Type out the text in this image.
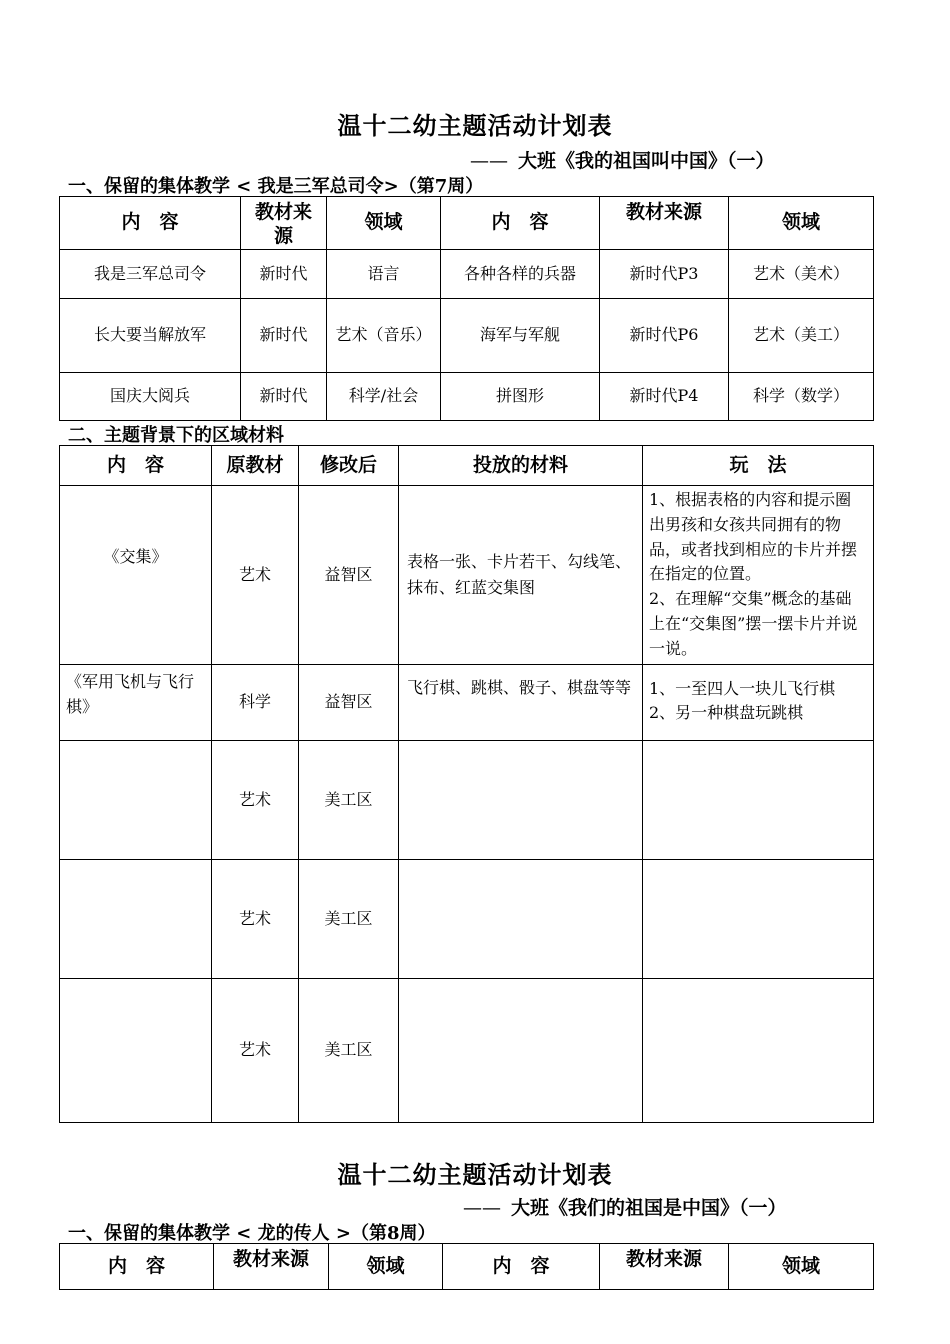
温十二幼主题活动计划表
—— 大班《我的祖国叫中国》（一）
一、保留的集体教学 < 我是三军总司令>（第7周）
内　容	教材来源	领域	内　容	教材来源	领域
我是三军总司令	新时代	语言	各种各样的兵器	新时代P3	艺术（美术）
长大要当解放军	新时代	艺术（音乐）	海军与军舰	新时代P6	艺术（美工）
国庆大阅兵	新时代	科学/社会	拼图形	新时代P4	科学（数学）
二、主题背景下的区域材料
内　容	原教材	修改后	投放的材料	玩　法
《交集》	艺术	益智区	表格一张、卡片若干、勾线笔、抹布、红蓝交集图	1、根据表格的内容和提示圈出男孩和女孩共同拥有的物品，或者找到相应的卡片并摆在指定的位置。
2、在理解“交集”概念的基础上在“交集图”摆一摆卡片并说一说。
《军用飞机与飞行棋》	科学	益智区	飞行棋、跳棋、骰子、棋盘等等	1、一至四人一块儿飞行棋
2、另一种棋盘玩跳棋
	艺术	美工区		
	艺术	美工区		
	艺术	美工区		
温十二幼主题活动计划表
—— 大班《我们的祖国是中国》（一）
一、保留的集体教学 < 龙的传人 >（第8周）
内　容	教材来源	领域	内　容	教材来源	领域
